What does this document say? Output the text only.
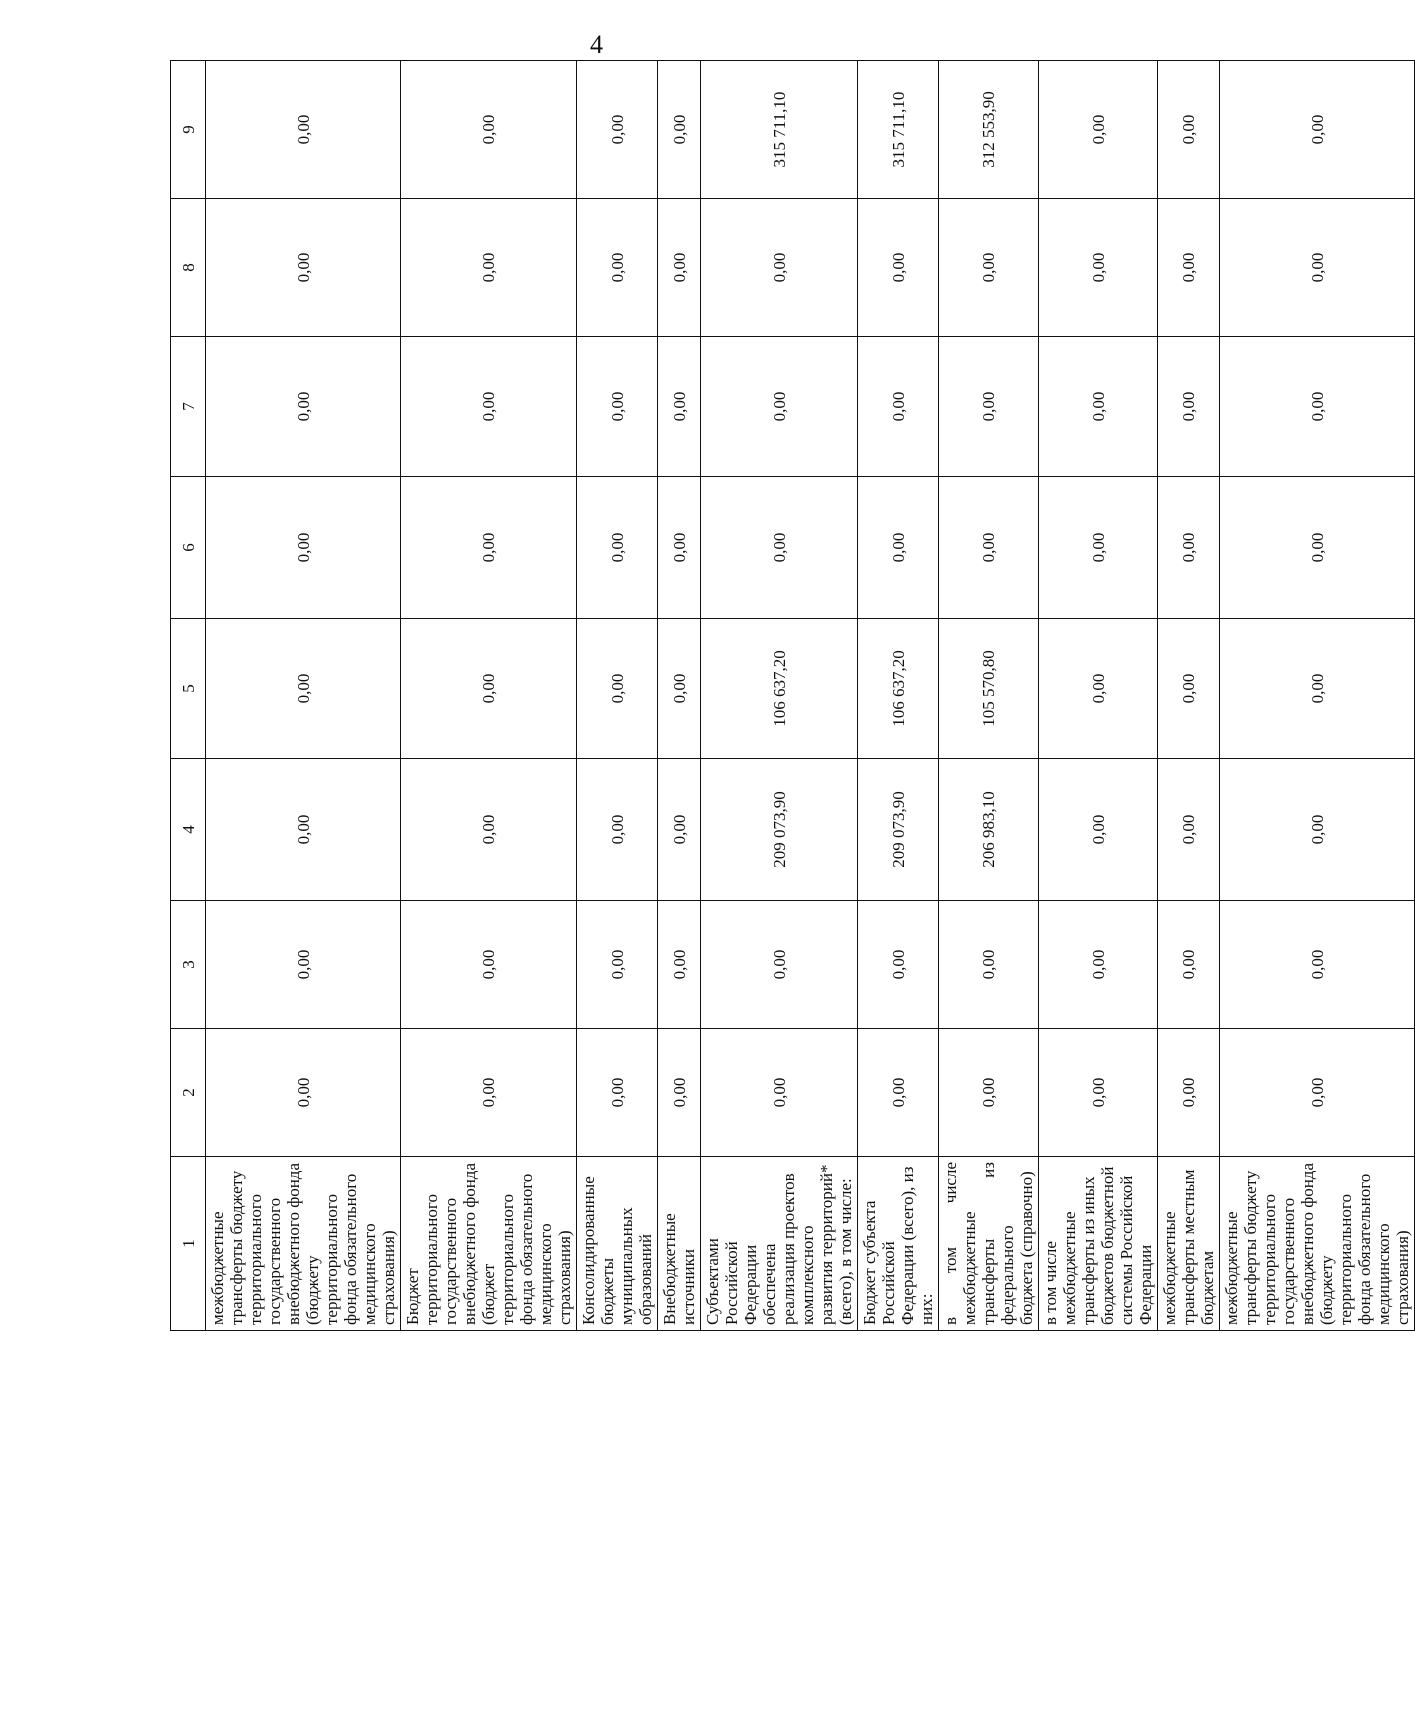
4
1	2	3	4	5	6	7	8	9
межбюджетные трансферты бюджету территориального государственного внебюджетного фонда (бюджету территориального фонда обязательного медицинского страхования)	0,00	0,00	0,00	0,00	0,00	0,00	0,00	0,00
Бюджет территориального государственного внебюджетного фонда (бюджет территориального фонда обязательного медицинского страхования)	0,00	0,00	0,00	0,00	0,00	0,00	0,00	0,00
Консолидированные бюджеты муниципальных образований	0,00	0,00	0,00	0,00	0,00	0,00	0,00	0,00
Внебюджетные источники	0,00	0,00	0,00	0,00	0,00	0,00	0,00	0,00
Субъектами Российской Федерации обеспечена реализация проектов комплексного развития территорий* (всего), в том числе:	0,00	0,00	209 073,90	106 637,20	0,00	0,00	0,00	315 711,10
Бюджет субъекта Российской Федерации (всего), из них:	0,00	0,00	209 073,90	106 637,20	0,00	0,00	0,00	315 711,10
в том числе межбюджетные трансферты из федерального бюджета (справочно)	0,00	0,00	206 983,10	105 570,80	0,00	0,00	0,00	312 553,90
в том числе межбюджетные трансферты из иных бюджетов бюджетной системы Российской Федерации	0,00	0,00	0,00	0,00	0,00	0,00	0,00	0,00
межбюджетные трансферты местным бюджетам	0,00	0,00	0,00	0,00	0,00	0,00	0,00	0,00
межбюджетные трансферты бюджету территориального государственного внебюджетного фонда (бюджету территориального фонда обязательного медицинского страхования)	0,00	0,00	0,00	0,00	0,00	0,00	0,00	0,00
